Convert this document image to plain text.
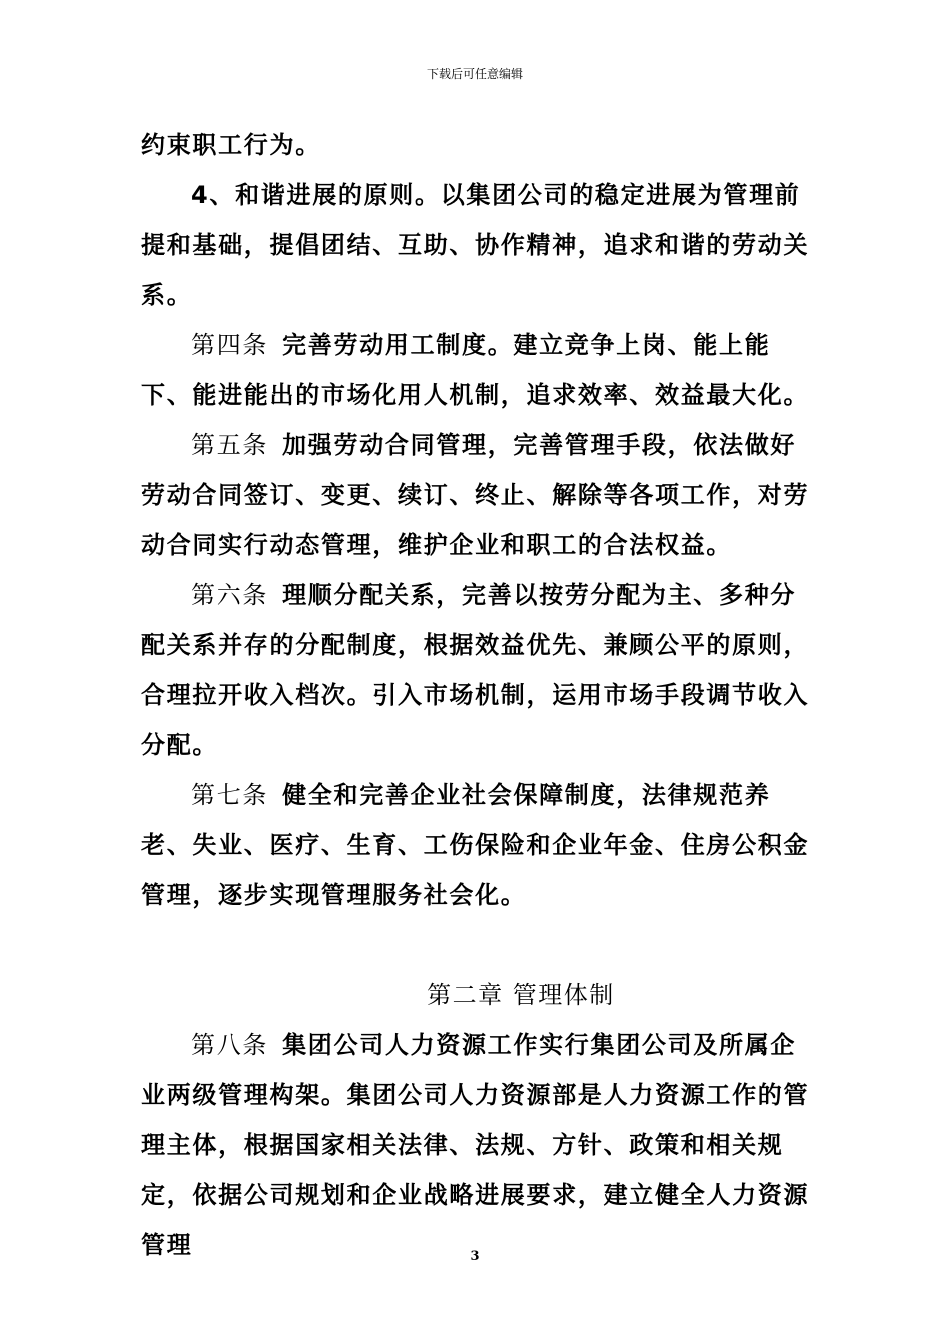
下载后可任意编辑

约束职工行为。

4、和谐进展的原则。以集团公司的稳定进展为管理前提和基础，提倡团结、互助、协作精神，追求和谐的劳动关系。

第四条 完善劳动用工制度。建立竞争上岗、能上能下、能进能出的市场化用人机制，追求效率、效益最大化。

第五条 加强劳动合同管理，完善管理手段，依法做好劳动合同签订、变更、续订、终止、解除等各项工作，对劳动合同实行动态管理，维护企业和职工的合法权益。

第六条 理顺分配关系，完善以按劳分配为主、多种分配关系并存的分配制度，根据效益优先、兼顾公平的原则，合理拉开收入档次。引入市场机制，运用市场手段调节收入分配。

第七条 健全和完善企业社会保障制度，法律规范养老、失业、医疗、生育、工伤保险和企业年金、住房公积金管理，逐步实现管理服务社会化。

第二章 管理体制

第八条 集团公司人力资源工作实行集团公司及所属企业两级管理构架。集团公司人力资源部是人力资源工作的管理主体，根据国家相关法律、法规、方针、政策和相关规定，依据公司规划和企业战略进展要求，建立健全人力资源管理	3
